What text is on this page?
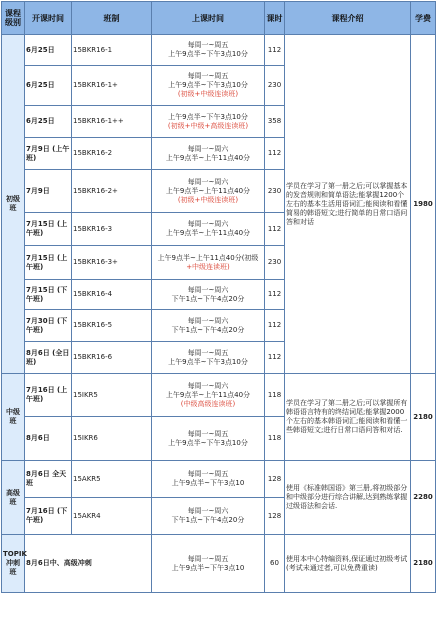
课程级别	开课时间	班制	上课时间	课时	课程介绍	学费
初级班	6月25日	15BKR16-1	每周一~周五
上午9点半~下午3点10分	112	学员在学习了第一册之后;可以掌握基本的发音规则和简单语法;能掌握1200个左右的基本生活用语词汇;能阅读和看懂简易的韩语短文;进行简单的日常口语问答和对话	1980
	6月25日	15BKR16-1+	每周一~周五
上午9点半~下午3点10分
(初级+中级连读班)	230		
	6月25日	15BKR16-1++	上午9点半~下午3点10分
(初级+中级+高级连读班)	358		
	7月9日 (上午班)	15BKR16-2	每周一~周六
上午9点半~上午11点40分	112		
	7月9日	15BKR16-2+	每周一~周六
上午9点半~上午11点40分
(初级+中级连读班)	230		
	7月15日 (上午班)	15BKR16-3	每周一~周六
上午9点半~上午11点40分	112		
	7月15日 (上午班)	15BKR16-3+	上午9点半~上午11点40分(初级
+中级连读班)	230		
	7月15日 (下午班)	15BKR16-4	每周一~周六
下午1点~下午4点20分	112		
	7月30日 (下午班)	15BKR16-5	每周一~周六
下午1点~下午4点20分	112		
	8月6日 (全日班)	15BKR16-6	每周一~周五
上午9点半~下午3点10分	112		
中级班	7月16日 (上午班)	15IKR5	每周一~周六
上午9点半~上午11点40分
(中级高级连读班)	118	学员在学习了第二册之后;可以掌握所有韩语语言特有的终结词尾;能掌握2000个左右的基本韩语词汇;能阅读和看懂一些韩语短文;进行日常口语问答和对话.	2180
	8月6日	15IKR6	每周一~周五
上午9点半~下午3点10分	118		
高级班	8月6日 全天班	15AKR5	每周一~周五
上午9点半~下午3点10	128	使用《标准韩国语》第三册,将初级部分和中级部分进行综合讲解,达到熟练掌握过级语法和会话.	2280
	7月16日 (下午班)	15AKR4	每周一~周六
下午1点~下午4点20分	128		
TOPIK冲刺班	8月6日中、高级冲刺		每周一~周五
上午9点半~下午3点10	60	使用本中心特编资料,保证通过初级考试(考试未通过者,可以免费重读)	2180
